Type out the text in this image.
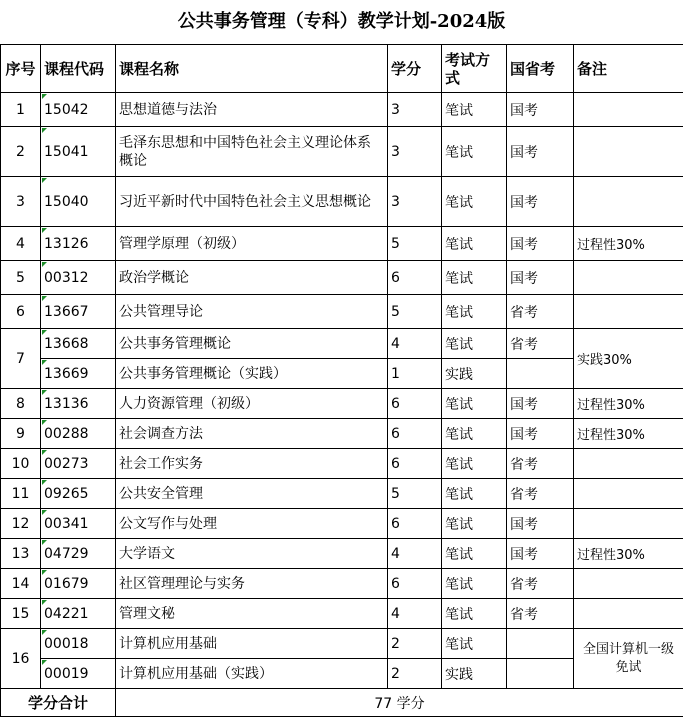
公共事务管理（专科）教学计划-2024版
序号	课程代码	课程名称	学分	考试方式	国省考	备注
1	15042	思想道德与法治	3	笔试	国考	
2	15041	毛泽东思想和中国特色社会主义理论体系概论	3	笔试	国考	
3	15040	习近平新时代中国特色社会主义思想概论	3	笔试	国考	
4	13126	管理学原理（初级）	5	笔试	国考	过程性30%
5	00312	政治学概论	6	笔试	国考	
6	13667	公共管理导论	5	笔试	省考	
7	13668	公共事务管理概论	4	笔试	省考	实践30%
	13669	公共事务管理概论（实践）	1	实践		
8	13136	人力资源管理（初级）	6	笔试	国考	过程性30%
9	00288	社会调查方法	6	笔试	国考	过程性30%
10	00273	社会工作实务	6	笔试	省考	
11	09265	公共安全管理	5	笔试	省考	
12	00341	公文写作与处理	6	笔试	国考	
13	04729	大学语文	4	笔试	国考	过程性30%
14	01679	社区管理理论与实务	6	笔试	省考	
15	04221	管理文秘	4	笔试	省考	
16	00018	计算机应用基础	2	笔试		全国计算机一级免试
	00019	计算机应用基础（实践）	2	实践		
学分合计		77 学分				
